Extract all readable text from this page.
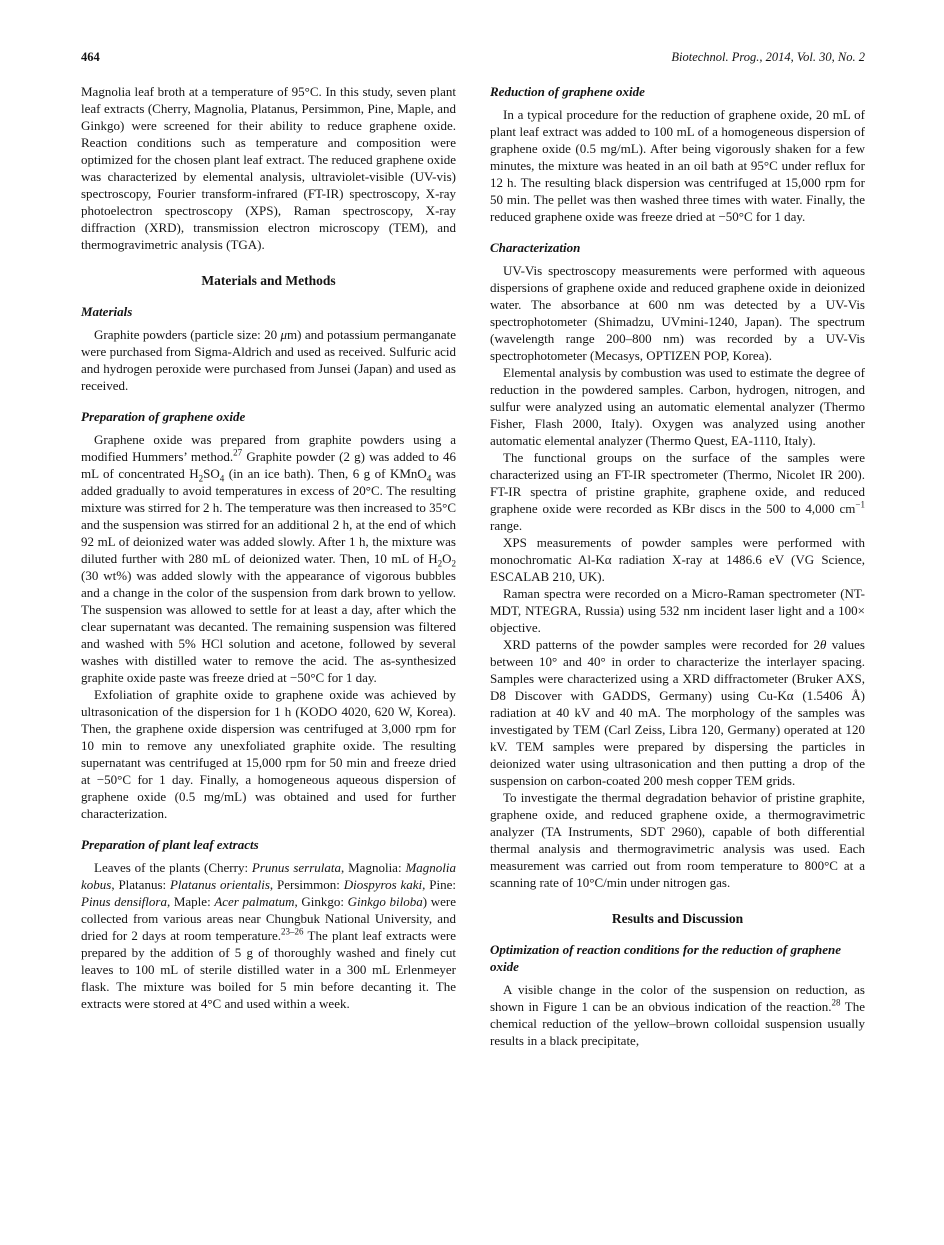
464	Biotechnol. Prog., 2014, Vol. 30, No. 2

Magnolia leaf broth at a temperature of 95°C. In this study, seven plant leaf extracts (Cherry, Magnolia, Platanus, Persimmon, Pine, Maple, and Ginkgo) were screened for their ability to reduce graphene oxide. Reaction conditions such as temperature and composition were optimized for the chosen plant leaf extract. The reduced graphene oxide was characterized by elemental analysis, ultraviolet-visible (UV-vis) spectroscopy, Fourier transform-infrared (FT-IR) spectroscopy, X-ray photoelectron spectroscopy (XPS), Raman spectroscopy, X-ray diffraction (XRD), transmission electron microscopy (TEM), and thermogravimetric analysis (TGA).

Materials and Methods
Materials

Graphite powders (particle size: 20 μm) and potassium permanganate were purchased from Sigma-Aldrich and used as received. Sulfuric acid and hydrogen peroxide were purchased from Junsei (Japan) and used as received.

Preparation of graphene oxide

Graphene oxide was prepared from graphite powders using a modified Hummers’ method.$^{27}$ Graphite powder (2 g) was added to 46 mL of concentrated $H_2SO_4$ (in an ice bath). Then, 6 g of KMnO$_4$ was added gradually to avoid temperatures in excess of 20°C. The resulting mixture was stirred for 2 h. The temperature was then increased to 35°C and the suspension was stirred for an additional 2 h, at the end of which 92 mL of deionized water was added slowly. After 1 h, the mixture was diluted further with 280 mL of deionized water. Then, 10 mL of $H_2O_2$ (30 wt%) was added slowly with the appearance of vigorous bubbles and a change in the color of the suspension from dark brown to yellow. The suspension was allowed to settle for at least a day, after which the clear supernatant was decanted. The remaining suspension was filtered and washed with 5% HCl solution and acetone, followed by several washes with distilled water to remove the acid. The as-synthesized graphite oxide paste was freeze dried at −50°C for 1 day.

Exfoliation of graphite oxide to graphene oxide was achieved by ultrasonication of the dispersion for 1 h (KODO 4020, 620 W, Korea). Then, the graphene oxide dispersion was centrifuged at 3,000 rpm for 10 min to remove any unexfoliated graphite oxide. The resulting supernatant was centrifuged at 15,000 rpm for 50 min and freeze dried at −50°C for 1 day. Finally, a homogeneous aqueous dispersion of graphene oxide (0.5 mg/mL) was obtained and used for further characterization.

Preparation of plant leaf extracts

Leaves of the plants (Cherry: Prunus serrulata, Magnolia: Magnolia kobus, Platanus: Platanus orientalis, Persimmon: Diospyros kaki, Pine: Pinus densiflora, Maple: Acer palmatum, Ginkgo: Ginkgo biloba) were collected from various areas near Chungbuk National University, and dried for 2 days at room temperature.$^{23-26}$ The plant leaf extracts were prepared by the addition of 5 g of thoroughly washed and finely cut leaves to 100 mL of sterile distilled water in a 300 mL Erlenmeyer flask. The mixture was boiled for 5 min before decanting it. The extracts were stored at 4°C and used within a week.

Reduction of graphene oxide

In a typical procedure for the reduction of graphene oxide, 20 mL of plant leaf extract was added to 100 mL of a homogeneous dispersion of graphene oxide (0.5 mg/mL). After being vigorously shaken for a few minutes, the mixture was heated in an oil bath at 95°C under reflux for 12 h. The resulting black dispersion was centrifuged at 15,000 rpm for 50 min. The pellet was then washed three times with water. Finally, the reduced graphene oxide was freeze dried at −50°C for 1 day.

Characterization

UV-Vis spectroscopy measurements were performed with aqueous dispersions of graphene oxide and reduced graphene oxide in deionized water. The absorbance at 600 nm was detected by a UV-Vis spectrophotometer (Shimadzu, UVmini-1240, Japan). The spectrum (wavelength range 200–800 nm) was recorded by a UV-Vis spectrophotometer (Mecasys, OPTIZEN POP, Korea).

Elemental analysis by combustion was used to estimate the degree of reduction in the powdered samples. Carbon, hydrogen, nitrogen, and sulfur were analyzed using an automatic elemental analyzer (Thermo Fisher, Flash 2000, Italy). Oxygen was analyzed using another automatic elemental analyzer (Thermo Quest, EA-1110, Italy).

The functional groups on the surface of the samples were characterized using an FT-IR spectrometer (Thermo, Nicolet IR 200). FT-IR spectra of pristine graphite, graphene oxide, and reduced graphene oxide were recorded as KBr discs in the 500 to 4,000 $cm^{-1}$ range.

XPS measurements of powder samples were performed with monochromatic Al-Kα radiation X-ray at 1486.6 eV (VG Science, ESCALAB 210, UK).

Raman spectra were recorded on a Micro-Raman spectrometer (NT-MDT, NTEGRA, Russia) using 532 nm incident laser light and a 100× objective.

XRD patterns of the powder samples were recorded for 2θ values between 10° and 40° in order to characterize the interlayer spacing. Samples were characterized using a XRD diffractometer (Bruker AXS, D8 Discover with GADDS, Germany) using Cu-Kα (1.5406 Å) radiation at 40 kV and 40 mA. The morphology of the samples was investigated by TEM (Carl Zeiss, Libra 120, Germany) operated at 120 kV. TEM samples were prepared by dispersing the particles in deionized water using ultrasonication and then putting a drop of the suspension on carbon-coated 200 mesh copper TEM grids.

To investigate the thermal degradation behavior of pristine graphite, graphene oxide, and reduced graphene oxide, a thermogravimetric analyzer (TA Instruments, SDT 2960), capable of both differential thermal analysis and thermogravimetric analysis was used. Each measurement was carried out from room temperature to 800°C at a scanning rate of 10°C/min under nitrogen gas.

Results and Discussion
Optimization of reaction conditions for the reduction of graphene oxide

A visible change in the color of the suspension on reduction, as shown in Figure 1 can be an obvious indication of the reaction.$^{28}$ The chemical reduction of the yellow–brown colloidal suspension usually results in a black precipitate,
